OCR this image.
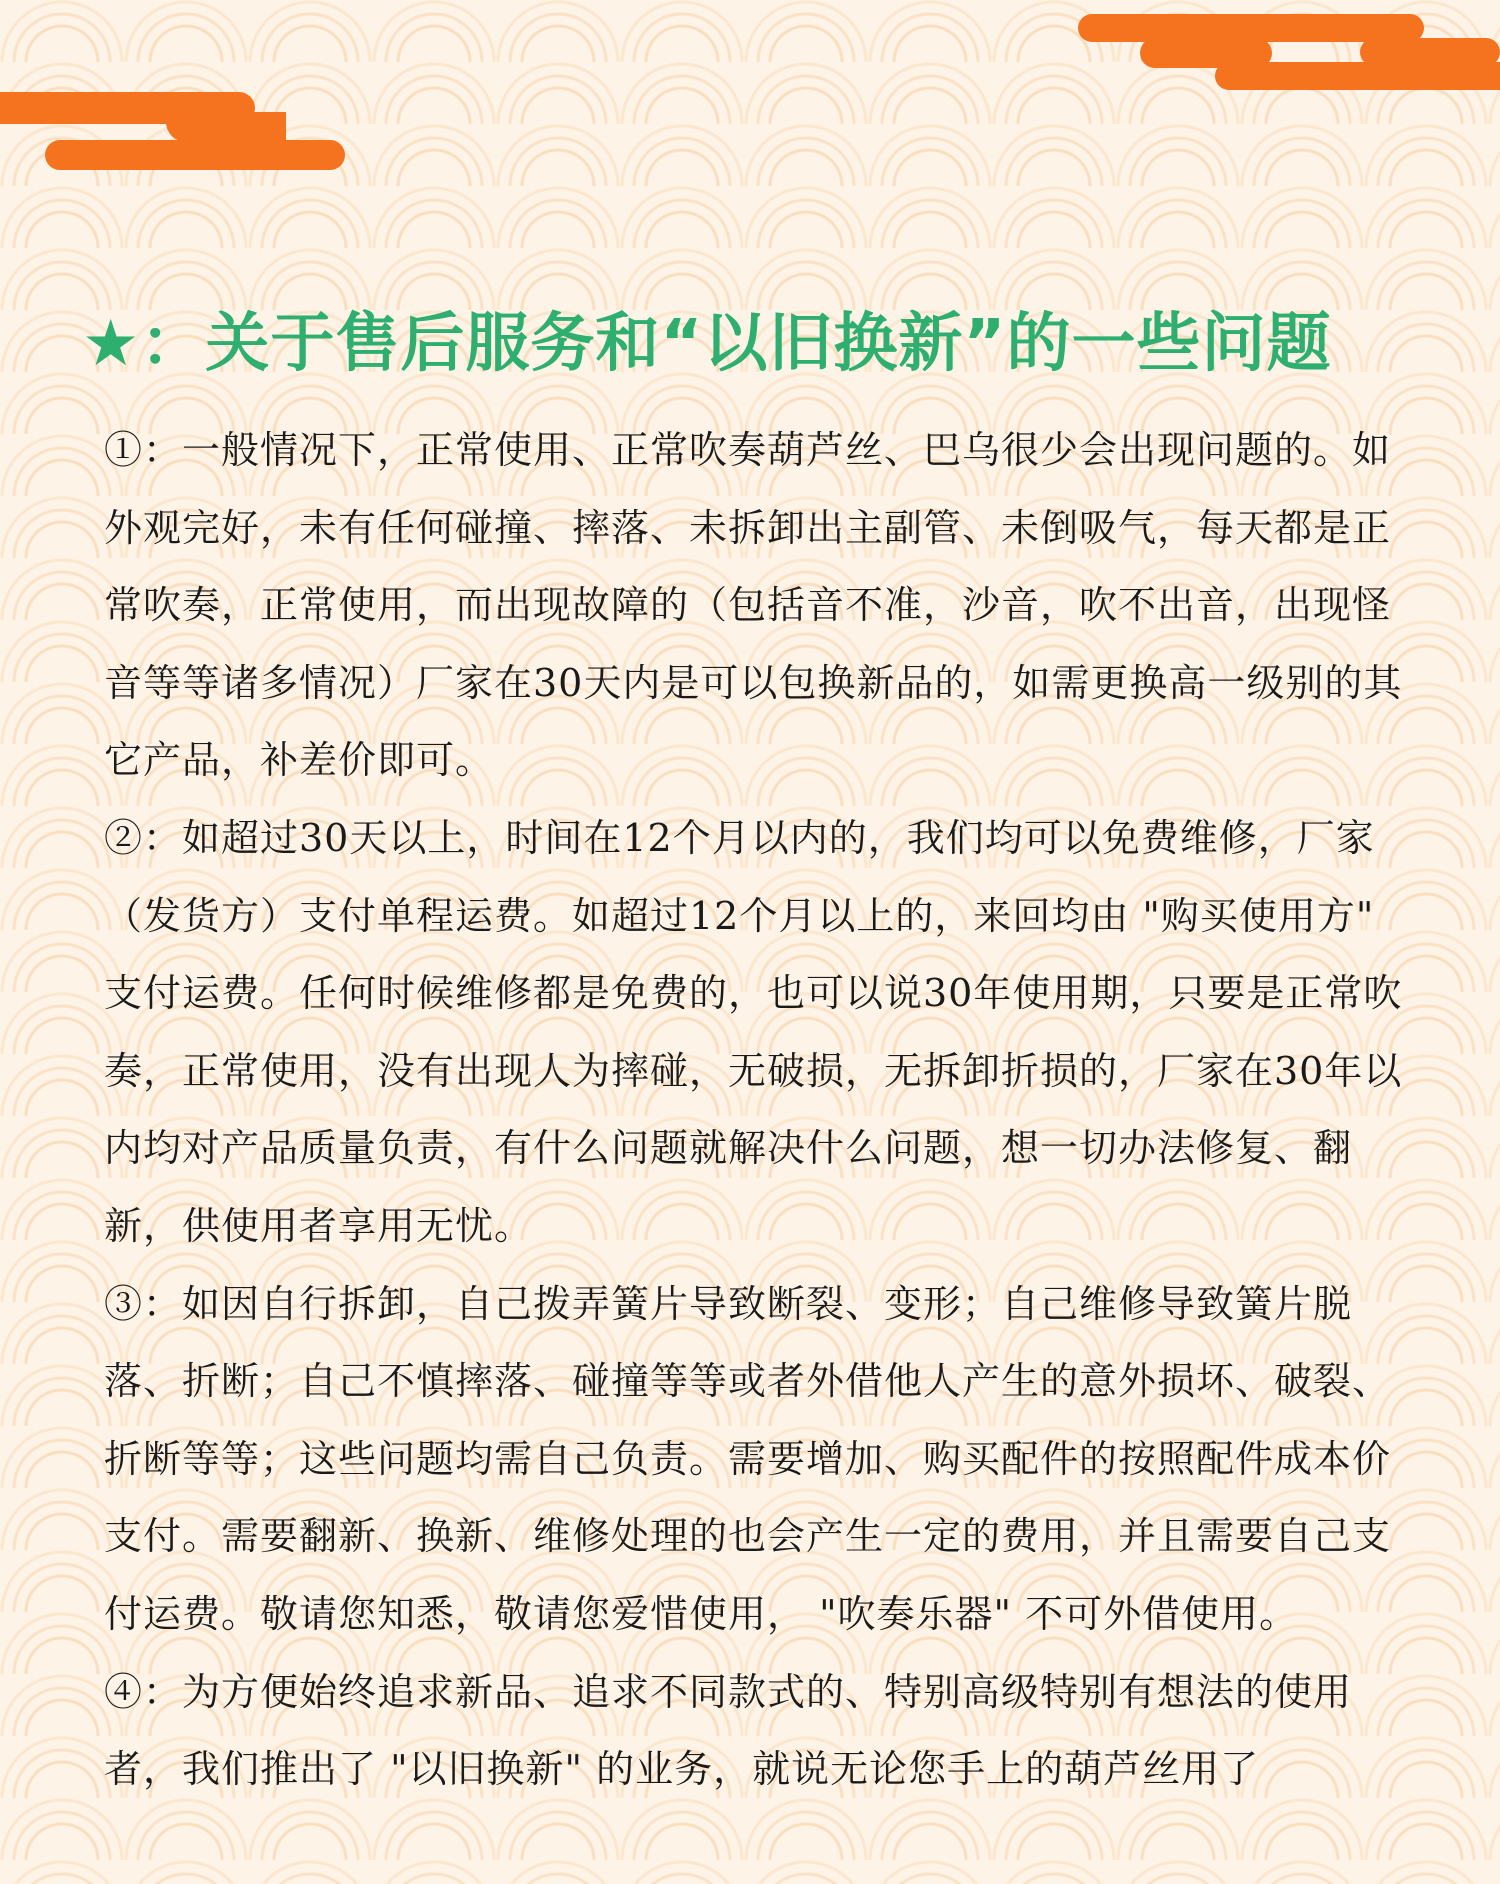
★：关于售后服务和“以旧换新”的一些问题

①：一般情况下，正常使用、正常吹奏葫芦丝、巴乌很少会出现问题的。如外观完好，未有任何碰撞、摔落、未拆卸出主副管、未倒吸气，每天都是正常吹奏，正常使用，而出现故障的（包括音不准，沙音，吹不出音，出现怪音等等诸多情况）厂家在30天内是可以包换新品的，如需更换高一级别的其它产品，补差价即可。

②：如超过30天以上，时间在12个月以内的，我们均可以免费维修，厂家（发货方）支付单程运费。如超过12个月以上的，来回均由 "购买使用方" 支付运费。任何时候维修都是免费的，也可以说30年使用期，只要是正常吹奏，正常使用，没有出现人为摔碰，无破损，无拆卸折损的，厂家在30年以内均对产品质量负责，有什么问题就解决什么问题，想一切办法修复、翻新，供使用者享用无忧。

③：如因自行拆卸，自己拨弄簧片导致断裂、变形；自己维修导致簧片脱落、折断；自己不慎摔落、碰撞等等或者外借他人产生的意外损坏、破裂、折断等等；这些问题均需自己负责。需要增加、购买配件的按照配件成本价支付。需要翻新、换新、维修处理的也会产生一定的费用，并且需要自己支付运费。敬请您知悉，敬请您爱惜使用， "吹奏乐器" 不可外借使用。

④：为方便始终追求新品、追求不同款式的、特别高级特别有想法的使用者，我们推出了 "以旧换新" 的业务，就说无论您手上的葫芦丝用了
